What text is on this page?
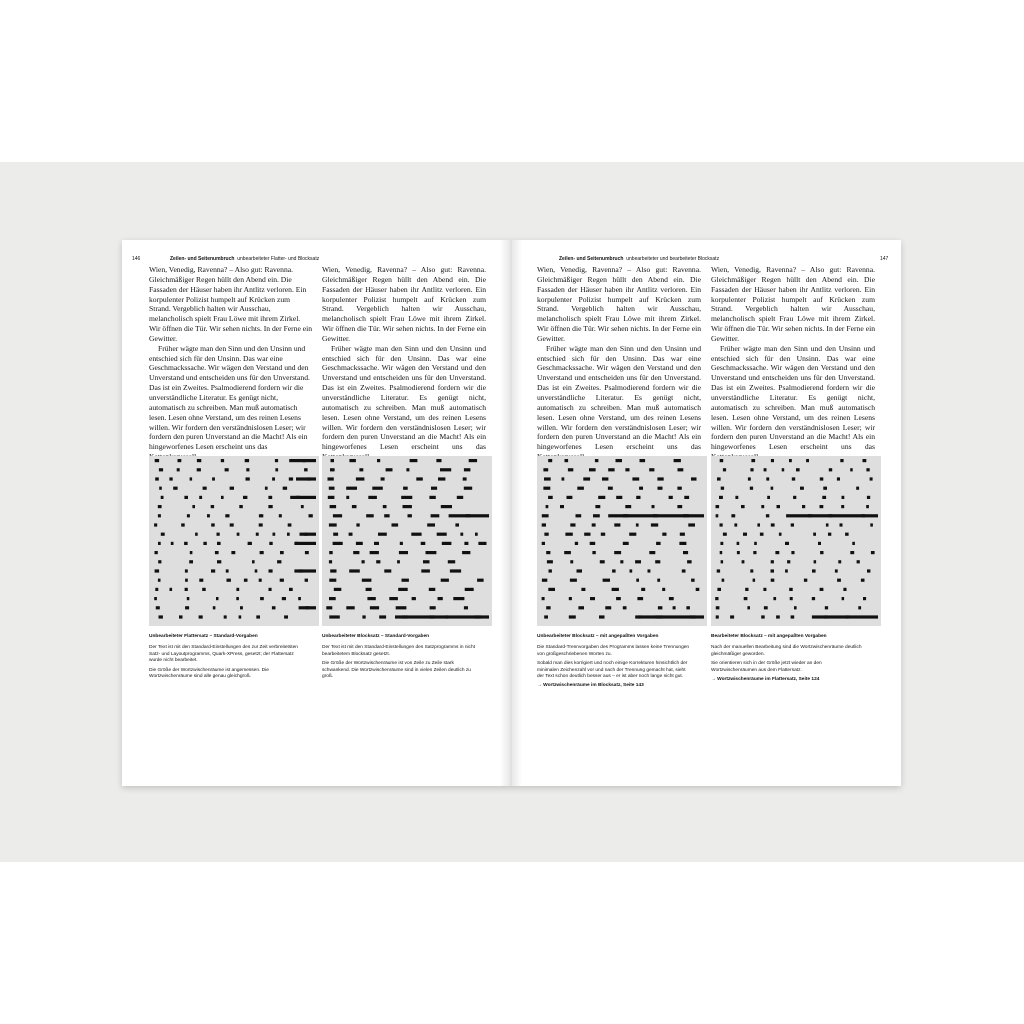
146	Zeilen- und Seitenumbruch unbearbeiteter Flatter- und Blocksatz	Zeilen- und Seitenumbruch unbearbeiteter und bearbeiteter Blocksatz	147

Wien, Venedig, Ravenna? – Also gut: Ravenna. Gleichmäßiger Regen hüllt den Abend ein. Die Fassaden der Häuser haben ihr Antlitz verloren. Ein korpulenter Polizist humpelt auf Krücken zum Strand. Vergeblich halten wir Ausschau, melancholisch spielt Frau Löwe mit ihrem Zirkel. Wir öffnen die Tür. Wir sehen nichts. In der Ferne ein Gewitter.

Früher wägte man den Sinn und den Unsinn und entschied sich für den Unsinn. Das war eine Geschmackssache. Wir wägen den Verstand und den Unverstand und entscheiden uns für den Unverstand. Das ist ein Zweites. Psalmodierend fordern wir die unverständliche Literatur. Es genügt nicht, automatisch zu schreiben. Man muß automatisch lesen. Lesen ohne Verstand, um des reinen Lesens willen. Wir fordern den verständnislosen Leser; wir fordern den puren Unverstand an die Macht! Als ein hingeworfenes Lesen erscheint uns das

Wien, Venedig, Ravenna? – Also gut: Ravenna. Gleichmäßiger Regen hüllt den Abend ein. Die Fassaden der Häuser haben ihr Antlitz verloren. Ein korpulenter Polizist humpelt auf Krücken zum Strand. Vergeblich halten wir Ausschau, melancholisch spielt Frau Löwe mit ihrem Zirkel. Wir öffnen die Tür. Wir sehen nichts. In der Ferne ein Gewitter.

Früher wägte man den Sinn und den Unsinn und entschied sich für den Unsinn. Das war eine Geschmackssache. Wir wägen den Verstand und den Unverstand und entscheiden uns für den Unverstand. Das ist ein Zweites. Psalmodierend fordern wir die unverständliche Literatur. Es genügt nicht, automatisch zu schreiben. Man muß automatisch lesen. Lesen ohne Verstand, um des reinen Lesens willen. Wir fordern den verständnislosen Leser; wir fordern den puren Unverstand an die Macht! Als ein hingeworfenes Lesen erscheint uns das

Wien, Venedig, Ravenna? – Also gut: Ravenna. Gleichmäßiger Regen hüllt den Abend ein. Die Fassaden der Häuser haben ihr Antlitz verloren. Ein korpulenter Polizist humpelt auf Krücken zum Strand. Vergeblich halten wir Ausschau, melancholisch spielt Frau Löwe mit ihrem Zirkel. Wir öffnen die Tür. Wir sehen nichts. In der Ferne ein Gewitter.

Früher wägte man den Sinn und den Unsinn und entschied sich für den Unsinn. Das war eine Geschmackssache. Wir wägen den Verstand und den Unverstand und entscheiden uns für den Unverstand. Das ist ein Zweites. Psalmodierend fordern wir die unverständliche Literatur. Es genügt nicht, automatisch zu schreiben. Man muß automatisch lesen. Lesen ohne Verstand, um des reinen Lesens willen. Wir fordern den verständnislosen Leser; wir fordern den puren Unverstand an die Macht! Als ein hingeworfenes Lesen erscheint uns das

Wien, Venedig, Ravenna? – Also gut: Ravenna. Gleichmäßiger Regen hüllt den Abend ein. Die Fassaden der Häuser haben ihr Antlitz verloren. Ein korpulenter Polizist humpelt auf Krücken zum Strand. Vergeblich halten wir Ausschau, melancholisch spielt Frau Löwe mit ihrem Zirkel. Wir öffnen die Tür. Wir sehen nichts. In der Ferne ein Gewitter.

Früher wägte man den Sinn und den Unsinn und entschied sich für den Unsinn. Das war eine Geschmackssache. Wir wägen den Verstand und den Unverstand und entscheiden uns für den Unverstand. Das ist ein Zweites. Psalmodierend fordern wir die unverständliche Literatur. Es genügt nicht, automatisch zu schreiben. Man muß automatisch lesen. Lesen ohne Verstand, um des reinen Lesens willen. Wir fordern den verständnislosen Leser; wir fordern den puren Unverstand an die Macht! Als ein hingeworfenes Lesen erscheint uns das

Unbearbeiteter Flattersatz – Standard-Vorgaben

Der Text ist mit den Standard-Einstellungen des zur Zeit verbreitetsten Satz- und Layoutprogramms, Quark-XPress, gesetzt; der Flattersatz wurde nicht bearbeitet.

Die Größe der Wortzwischenräume ist angemessen. Die Wortzwischenräume sind alle genau gleichgroß.

Unbearbeiteter Blocksatz – Standard-Vorgaben

Der Text ist mit den Standard-Einstellungen des Satzprogramms in nicht bearbeitetem Blocksatz gesetzt.

Die Größe der Wortzwischenräume ist von Zeile zu Zeile stark schwankend. Die Wortzwischenräume sind in vielen Zeilen deutlich zu groß.

Unbearbeiteter Blocksatz – mit angepaßten Vorgaben

Die Standard-Trennvorgaben des Programms lassen keine Trennungen von großgeschriebenen Worten zu.

Sobald man dies korrigiert und noch einige Korrekturen hinsichtlich der minimalen Zeichenzahl vor und nach der Trennung gemacht hat, sieht der Text schon deutlich besser aus – er ist aber noch lange nicht gut.

→ Wortzwischenräume im Blocksatz, Seite 143

Bearbeiteter Blocksatz – mit angepaßten Vorgaben

Nach der manuellen Bearbeitung sind die Wortzwischenräume deutlich gleichmäßiger geworden.

Sie orientieren sich in der Größe jetzt wieder an den Wortzwischenräumen aus dem Flattersatz.

→ Wortzwischenräume im Flattersatz, Seite 124
